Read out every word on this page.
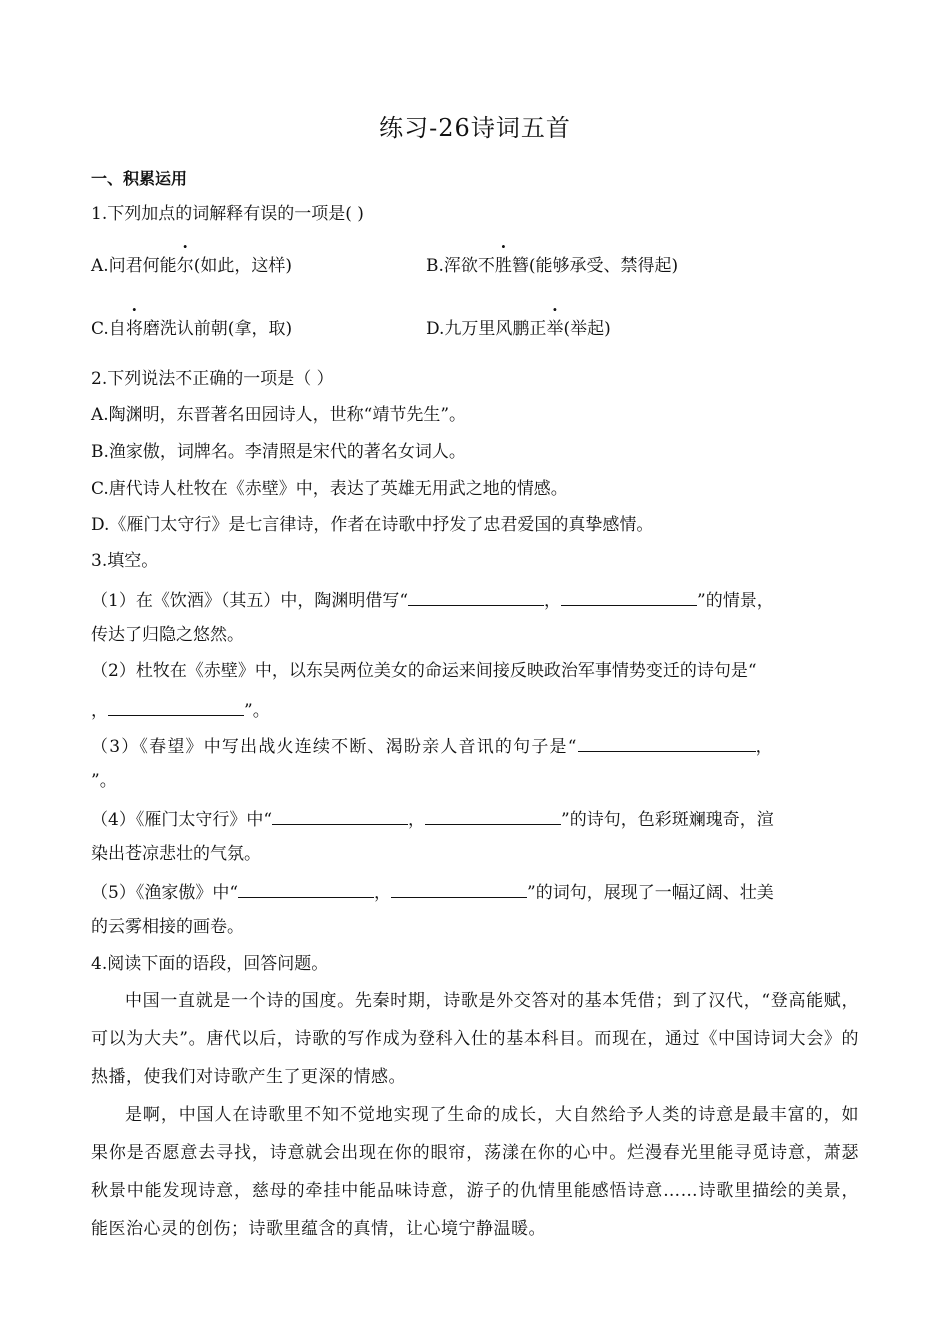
练习-26诗词五首
一、积累运用
1.下列加点的词解释有误的一项是( )
A.问君何能尔(如此，这样)	B.浑欲不胜簪(能够承受、禁得起)
C.自将磨洗认前朝(拿，取)	D.九万里风鹏正举(举起)
2.下列说法不正确的一项是（ ）
A.陶渊明，东晋著名田园诗人，世称“靖节先生”。
B.渔家傲，词牌名。李清照是宋代的著名女词人。
C.唐代诗人杜牧在《赤壁》中，表达了英雄无用武之地的情感。
D.《雁门太守行》是七言律诗，作者在诗歌中抒发了忠君爱国的真挚感情。
3.填空。
（1）在《饮酒》（其五）中，陶渊明借写“	，	”的情景，
传达了归隐之悠然。
（2）杜牧在《赤壁》中，以东吴两位美女的命运来间接反映政治军事情势变迁的诗句是“
，	”。
（3）《春望》中写出战火连续不断、渴盼亲人音讯的句子是“	，
”。
（4）《雁门太守行》中“	，	”的诗句，色彩斑斓瑰奇，渲
染出苍凉悲壮的气氛。
（5）《渔家傲》中“	，	”的词句，展现了一幅辽阔、壮美
的云雾相接的画卷。
4.阅读下面的语段，回答问题。
中国一直就是一个诗的国度。先秦时期，诗歌是外交答对的基本凭借；到了汉代，“登高能赋，可以为大夫”。唐代以后，诗歌的写作成为登科入仕的基本科目。而现在，通过《中国诗词大会》的热播，使我们对诗歌产生了更深的情感。
是啊，中国人在诗歌里不知不觉地实现了生命的成长，大自然给予人类的诗意是最丰富的，如果你是否愿意去寻找，诗意就会出现在你的眼帘，荡漾在你的心中。烂漫春光里能寻觅诗意，萧瑟秋景中能发现诗意，慈母的牵挂中能品味诗意，游子的仇情里能感悟诗意……诗歌里描绘的美景，能医治心灵的创伤；诗歌里蕴含的真情，让心境宁静温暖。
